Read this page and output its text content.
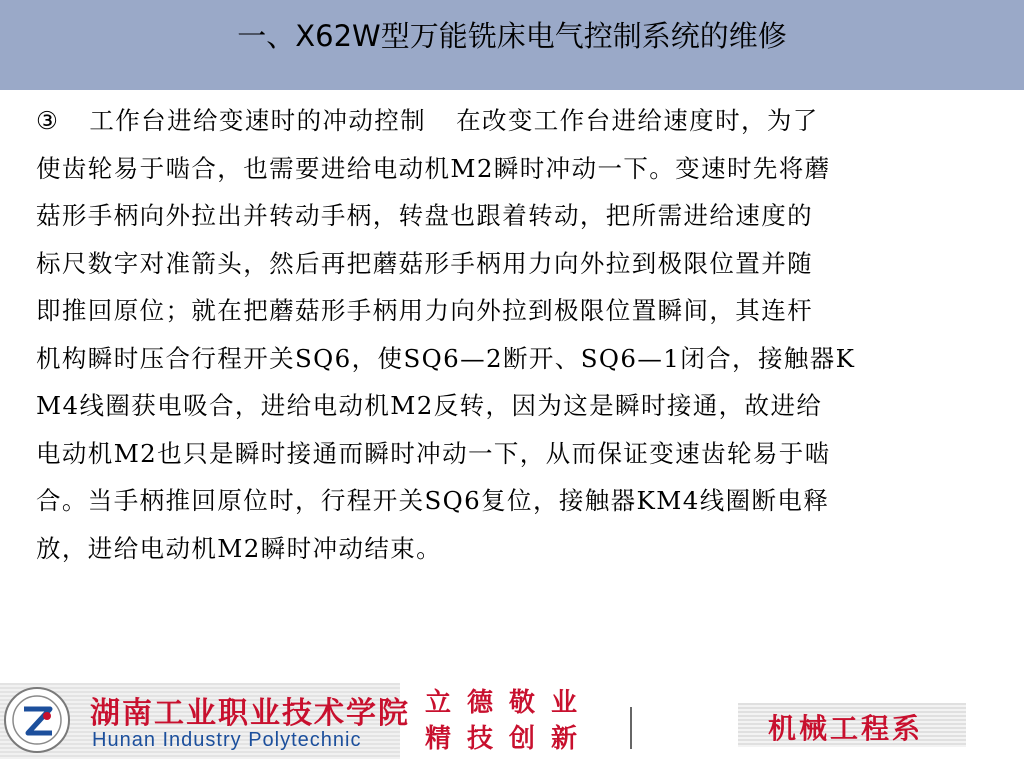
一、X62W型万能铣床电气控制系统的维修
③ 工作台进给变速时的冲动控制 在改变工作台进给速度时，为了
使齿轮易于啮合，也需要进给电动机M2瞬时冲动一下。变速时先将蘑
菇形手柄向外拉出并转动手柄，转盘也跟着转动，把所需进给速度的
标尺数字对准箭头，然后再把蘑菇形手柄用力向外拉到极限位置并随
即推回原位；就在把蘑菇形手柄用力向外拉到极限位置瞬间，其连杆
机构瞬时压合行程开关SQ6，使SQ6—2断开、SQ6—1闭合，接触器K
M4线圈获电吸合，进给电动机M2反转，因为这是瞬时接通，故进给
电动机M2也只是瞬时接通而瞬时冲动一下，从而保证变速齿轮易于啮
合。当手柄推回原位时，行程开关SQ6复位，接触器KM4线圈断电释
放，进给电动机M2瞬时冲动结束。
湖南工业职业技术学院
Hunan Industry Polytechnic
立德敬业
精技创新	机械工程系
